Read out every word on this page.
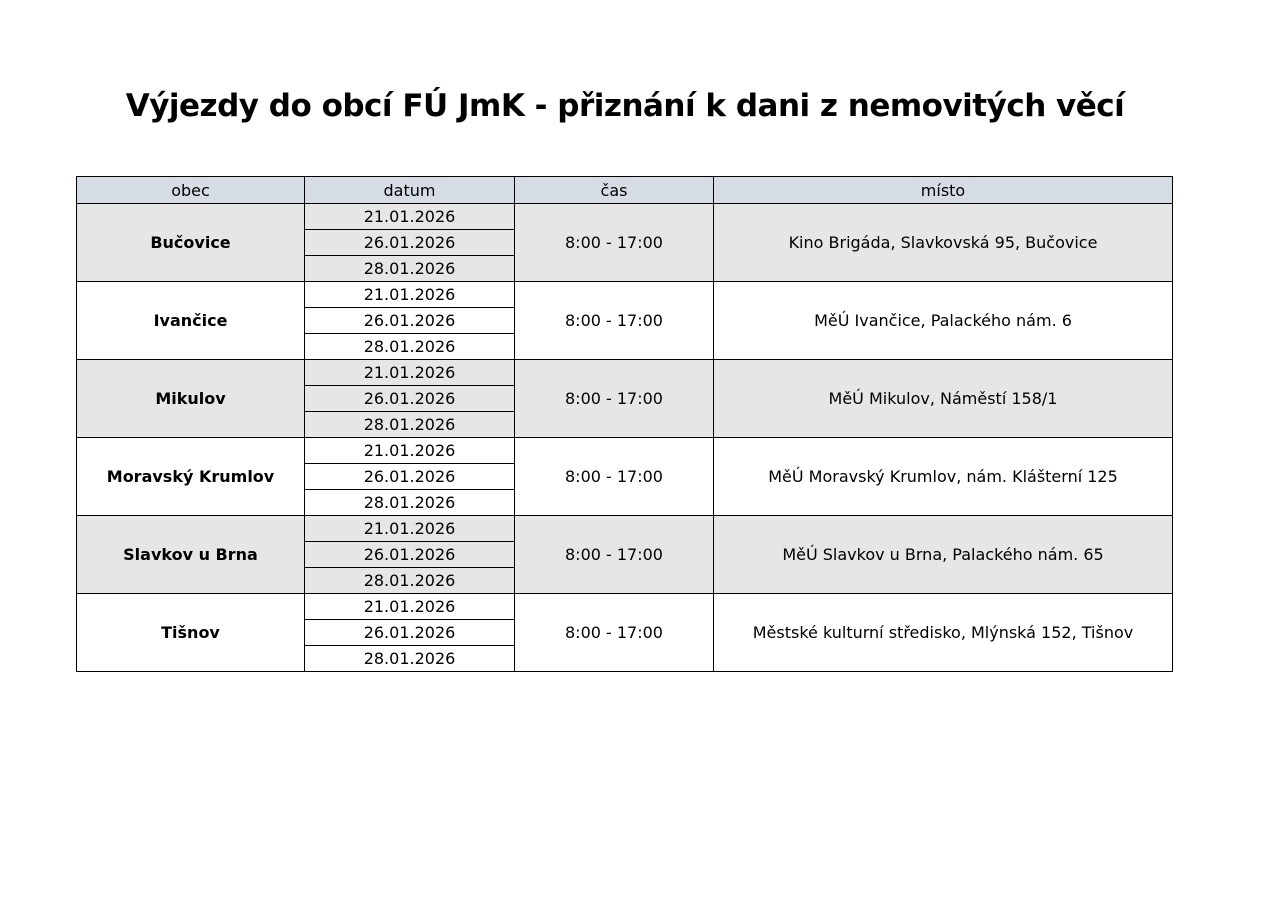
Výjezdy do obcí FÚ JmK - přiznání k dani z nemovitých věcí
obec	datum	čas	místo
Bučovice	21.01.2026	8:00 - 17:00	Kino Brigáda, Slavkovská 95, Bučovice
	26.01.2026		
	28.01.2026		
Ivančice	21.01.2026	8:00 - 17:00	MěÚ Ivančice, Palackého nám. 6
	26.01.2026		
	28.01.2026		
Mikulov	21.01.2026	8:00 - 17:00	MěÚ Mikulov, Náměstí 158/1
	26.01.2026		
	28.01.2026		
Moravský Krumlov	21.01.2026	8:00 - 17:00	MěÚ Moravský Krumlov, nám. Klášterní 125
	26.01.2026		
	28.01.2026		
Slavkov u Brna	21.01.2026	8:00 - 17:00	MěÚ Slavkov u Brna, Palackého nám. 65
	26.01.2026		
	28.01.2026		
Tišnov	21.01.2026	8:00 - 17:00	Městské kulturní středisko, Mlýnská 152, Tišnov
	26.01.2026		
	28.01.2026		
